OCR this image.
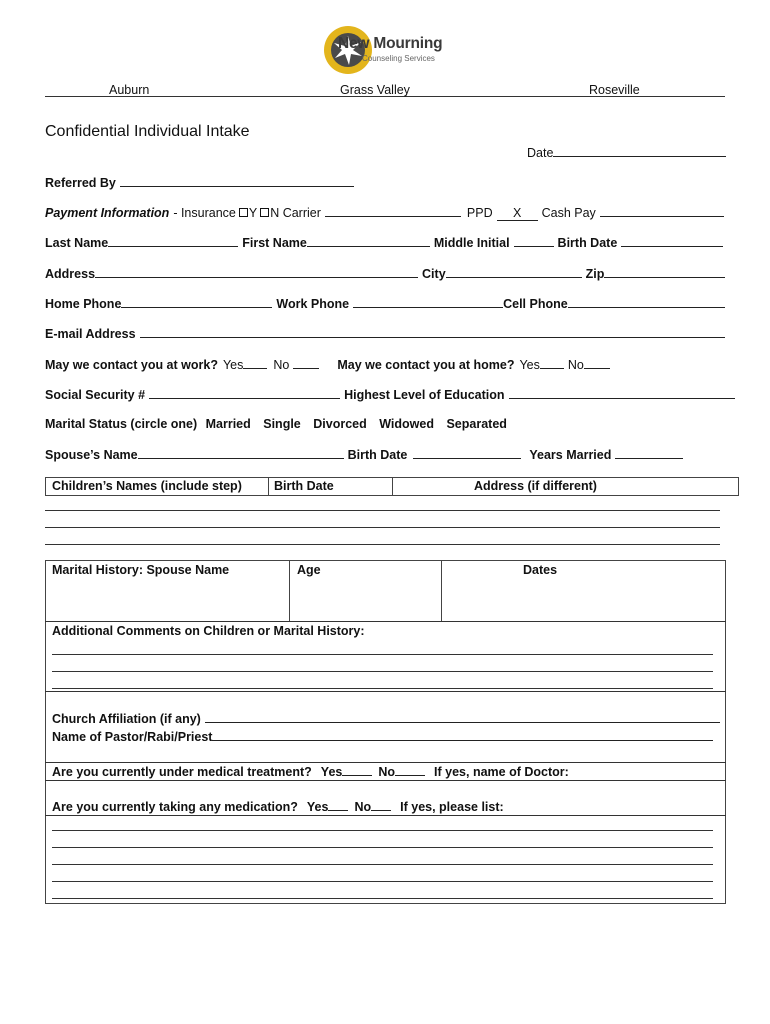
New Mourning
Counseling Services
Auburn	Grass Valley	Roseville
Confidential Individual Intake
Date
Referred By
Payment Information - Insurance Y N Carrier	PPD	X	Cash Pay
Last Name	First Name	Middle Initial	Birth Date
Address	City	Zip
Home Phone	Work Phone	Cell Phone
E-mail Address
May we contact you at work? Yes No	May we contact you at home? Yes No
Social Security #	Highest Level of Education
Marital Status (circle one) Married Single Divorced Widowed Separated
Spouse’s Name	Birth Date	Years Married
Children’s Names (include step)	Birth Date	Address (if different)
Marital History: Spouse Name	Age	Dates
Additional Comments on Children or Marital History:
Church Affiliation (if any)
Name of Pastor/Rabi/Priest
Are you currently under medical treatment? Yes	No	If yes, name of Doctor:
Are you currently taking any medication? Yes No If yes, please list:
